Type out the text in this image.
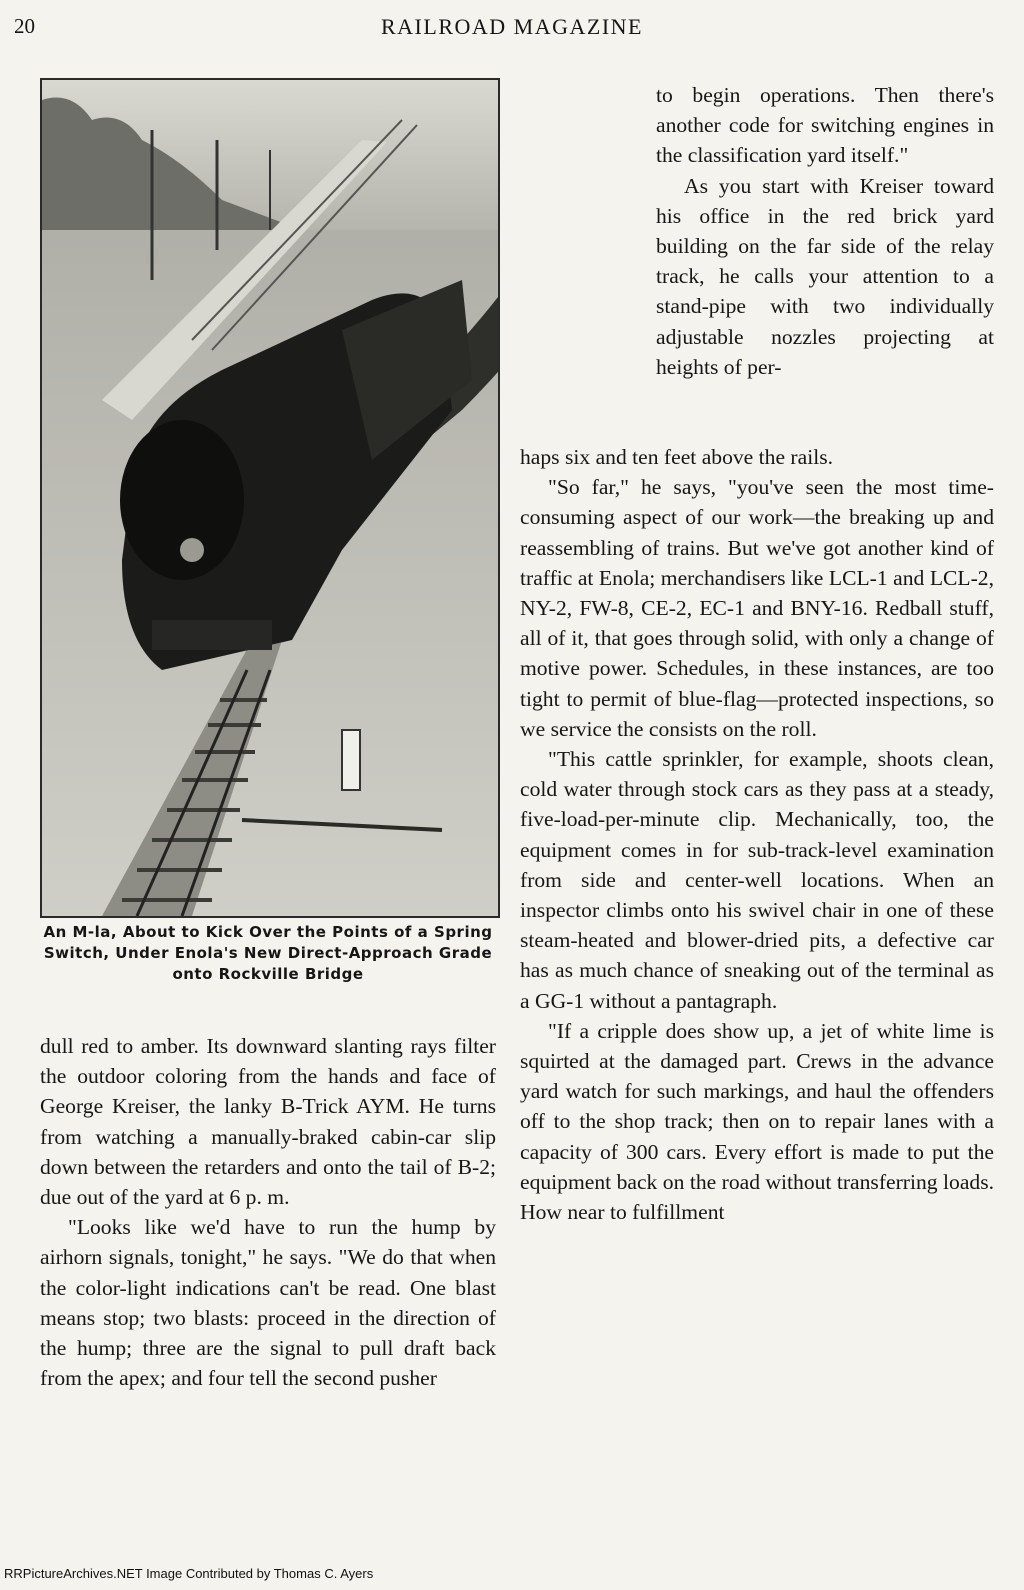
20	RAILROAD MAGAZINE
An M-la, About to Kick Over the Points of a Spring Switch, Under Enola's New Direct-Approach Grade onto Rockville Bridge

to begin operations. Then there's another code for switching engines in the classification yard itself."

As you start with Kreiser toward his office in the red brick yard building on the far side of the relay track, he calls your attention to a stand-pipe with two individually adjustable nozzles projecting at heights of per-

haps six and ten feet above the rails.

"So far," he says, "you've seen the most time-consuming aspect of our work—the breaking up and reassembling of trains. But we've got another kind of traffic at Enola; merchandisers like LCL-1 and LCL-2, NY-2, FW-8, CE-2, EC-1 and BNY-16. Redball stuff, all of it, that goes through solid, with only a change of motive power. Schedules, in these instances, are too tight to permit of blue-flag—protected inspections, so we service the consists on the roll.

"This cattle sprinkler, for example, shoots clean, cold water through stock cars as they pass at a steady, five-load-per-minute clip. Mechanically, too, the equipment comes in for sub-track-level examination from side and center-well locations. When an inspector climbs onto his swivel chair in one of these steam-heated and blower-dried pits, a defective car has as much chance of sneaking out of the terminal as a GG-1 without a pantagraph.

"If a cripple does show up, a jet of white lime is squirted at the damaged part. Crews in the advance yard watch for such markings, and haul the offenders off to the shop track; then on to repair lanes with a capacity of 300 cars. Every effort is made to put the equipment back on the road without transferring loads. How near to fulfillment

dull red to amber. Its downward slanting rays filter the outdoor coloring from the hands and face of George Kreiser, the lanky B-Trick AYM. He turns from watching a manually-braked cabin-car slip down between the retarders and onto the tail of B-2; due out of the yard at 6 p. m.

"Looks like we'd have to run the hump by airhorn signals, tonight," he says. "We do that when the color-light indications can't be read. One blast means stop; two blasts: proceed in the direction of the hump; three are the signal to pull draft back from the apex; and four tell the second pusher

RRPictureArchives.NET Image Contributed by Thomas C. Ayers
